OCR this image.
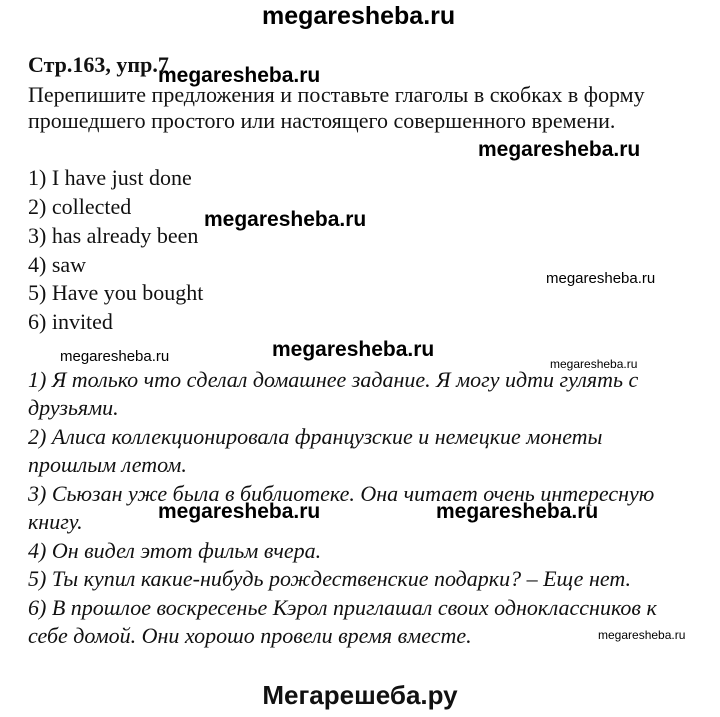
megaresheba.ru
megaresheba.ru
megaresheba.ru
megaresheba.ru
megaresheba.ru
megaresheba.ru	megaresheba.ru
megaresheba.ru
megaresheba.ru	megaresheba.ru
megaresheba.ru
Стр.163, упр.7
Перепишите предложения и поставьте глаголы в скобках в форму
прошедшего простого или настоящего совершенного времени.
1) I have just done
2) collected
3) has already been
4) saw
5) Have you bought
6) invited
1) Я только что сделал домашнее задание. Я могу идти гулять с
друзьями.
2) Алиса коллекционировала французские и немецкие монеты
прошлым летом.
3) Сьюзан уже была в библиотеке. Она читает очень интересную
книгу.
4) Он видел этот фильм вчера.
5) Ты купил какие-нибудь рождественские подарки? – Еще нет.
6) В прошлое воскресенье Кэрол приглашал своих одноклассников к
себе домой. Они хорошо провели время вместе.
Мегарешеба.ру
